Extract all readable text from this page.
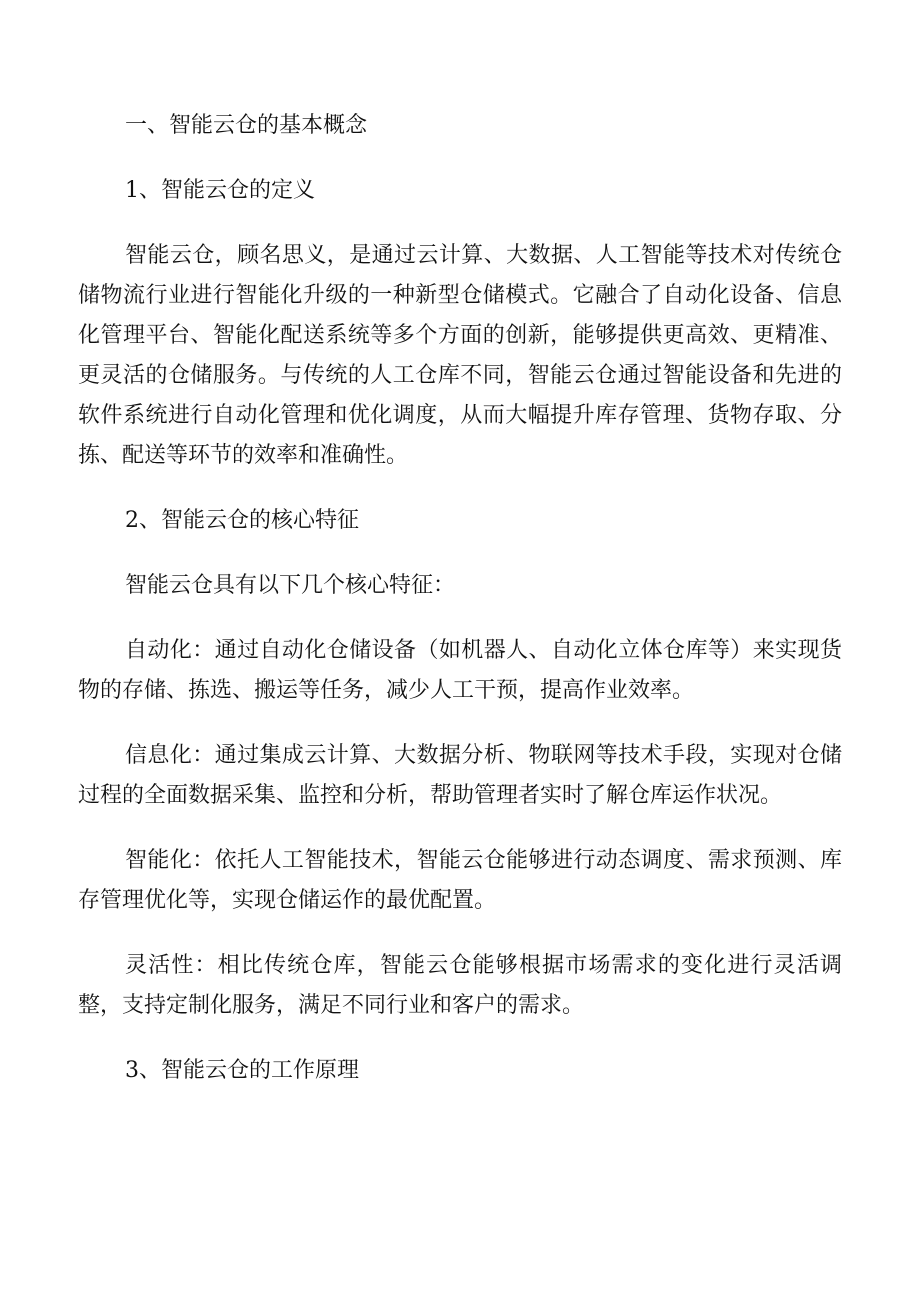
一、智能云仓的基本概念

1、智能云仓的定义

智能云仓，顾名思义，是通过云计算、大数据、人工智能等技术对传统仓储物流行业进行智能化升级的一种新型仓储模式。它融合了自动化设备、信息化管理平台、智能化配送系统等多个方面的创新，能够提供更高效、更精准、更灵活的仓储服务。与传统的人工仓库不同，智能云仓通过智能设备和先进的软件系统进行自动化管理和优化调度，从而大幅提升库存管理、货物存取、分拣、配送等环节的效率和准确性。

2、智能云仓的核心特征

智能云仓具有以下几个核心特征：

自动化：通过自动化仓储设备（如机器人、自动化立体仓库等）来实现货物的存储、拣选、搬运等任务，减少人工干预，提高作业效率。

信息化：通过集成云计算、大数据分析、物联网等技术手段，实现对仓储过程的全面数据采集、监控和分析，帮助管理者实时了解仓库运作状况。

智能化：依托人工智能技术，智能云仓能够进行动态调度、需求预测、库存管理优化等，实现仓储运作的最优配置。

灵活性：相比传统仓库，智能云仓能够根据市场需求的变化进行灵活调整，支持定制化服务，满足不同行业和客户的需求。

3、智能云仓的工作原理
